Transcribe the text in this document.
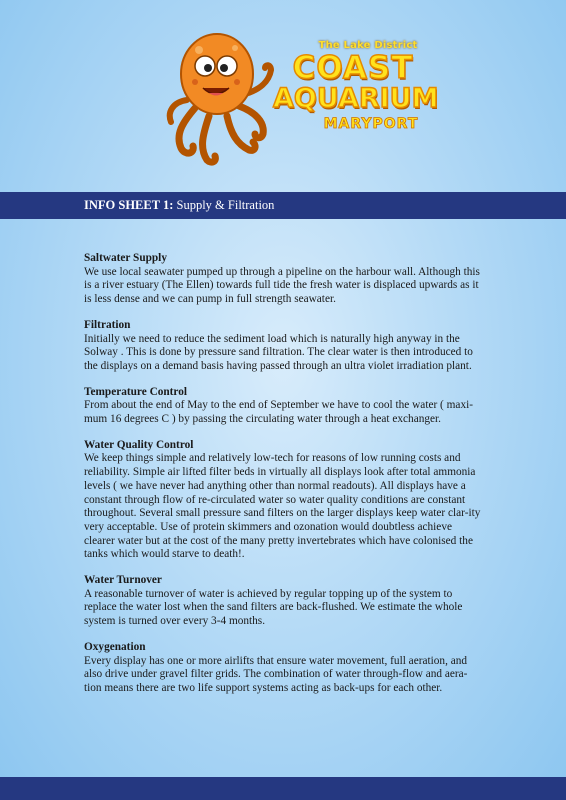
The Lake District
COAST
AQUARIUM
MARYPORT
INFO SHEET 1: Supply & Filtration
Saltwater Supply

We use local seawater pumped up through a pipeline on the harbour wall. Although this is a river estuary (The Ellen) towards full tide the fresh water is displaced upwards as it is less dense and we can pump in full strength seawater.

Filtration

Initially we need to reduce the sediment load which is naturally high anyway in the Solway . This is done by pressure sand filtration. The clear water is then introduced to the displays on a demand basis having passed through an ultra violet irradiation plant.

Temperature Control

From about the end of May to the end of September we have to cool the water ( maxi-mum 16 degrees C ) by passing the circulating water through a heat exchanger.

Water Quality Control

We keep things simple and relatively low-tech for reasons of low running costs and reliability. Simple air lifted filter beds in virtually all displays look after total ammonia levels ( we have never had anything other than normal readouts). All displays have a constant through flow of re-circulated water so water quality conditions are constant throughout. Several small pressure sand filters on the larger displays keep water clar-ity very acceptable. Use of protein skimmers and ozonation would doubtless achieve clearer water but at the cost of the many pretty invertebrates which have colonised the tanks which would starve to death!.

Water Turnover

A reasonable turnover of water is achieved by regular topping up of the system to replace the water lost when the sand filters are back-flushed. We estimate the whole system is turned over every 3-4 months.

Oxygenation

Every display has one or more airlifts that ensure water movement, full aeration, and also drive under gravel filter grids. The combination of water through-flow and aera-tion means there are two life support systems acting as back-ups for each other.
